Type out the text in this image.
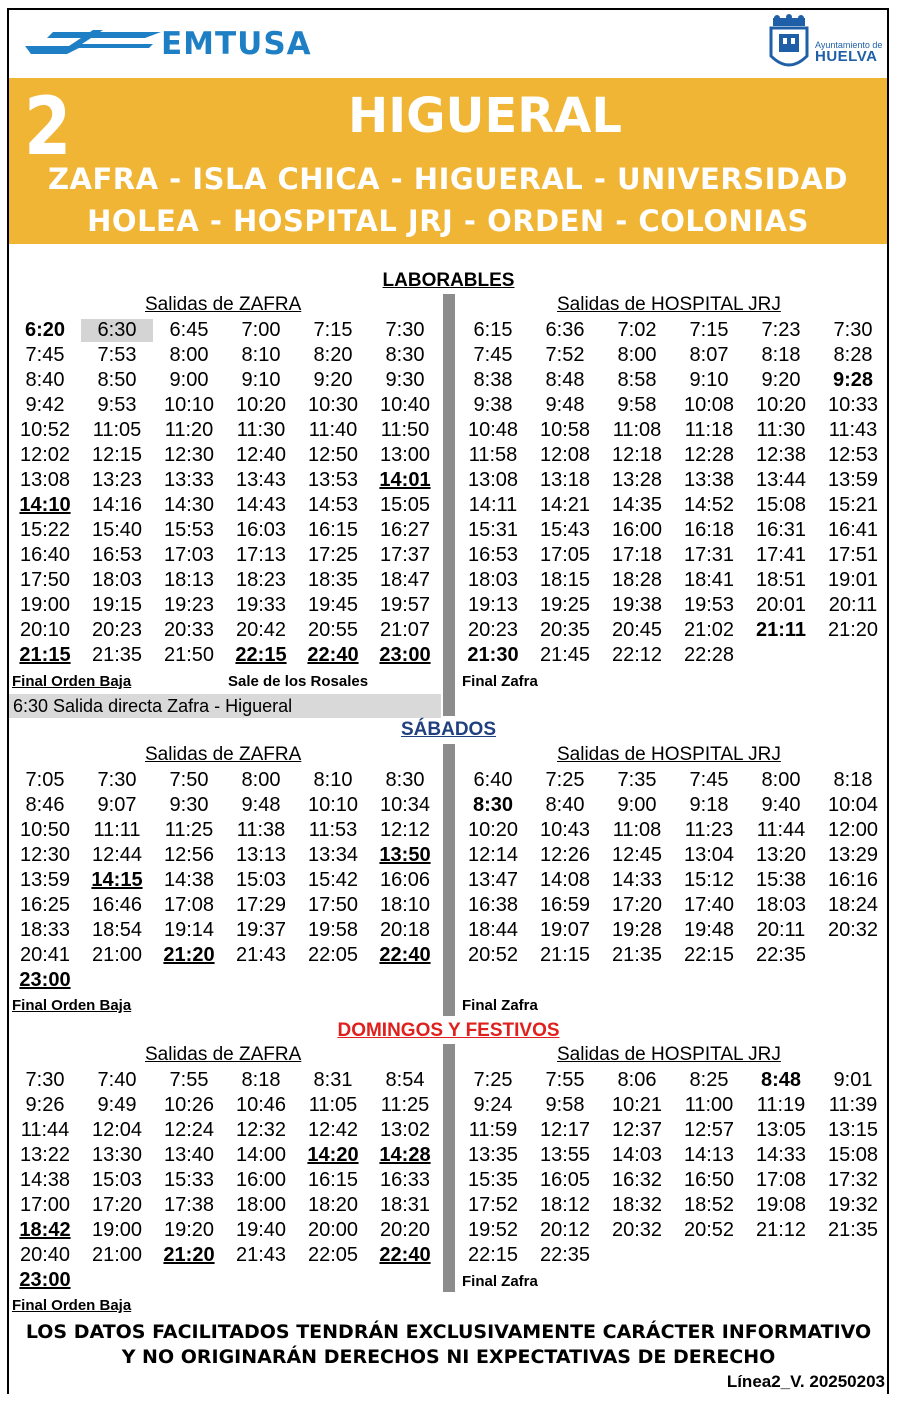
EMTUSA	Ayuntamiento de
HUELVA
2	HIGUERAL
ZAFRA - ISLA CHICA - HIGUERAL - UNIVERSIDAD
HOLEA - HOSPITAL JRJ - ORDEN - COLONIAS
LABORABLES
Salidas de ZAFRA	Salidas de HOSPITAL JRJ
6:20	6:30	6:45	7:00	7:15	7:30
7:45	7:53	8:00	8:10	8:20	8:30
8:40	8:50	9:00	9:10	9:20	9:30
9:42	9:53	10:10	10:20	10:30	10:40
10:52	11:05	11:20	11:30	11:40	11:50
12:02	12:15	12:30	12:40	12:50	13:00
13:08	13:23	13:33	13:43	13:53	14:01
14:10	14:16	14:30	14:43	14:53	15:05
15:22	15:40	15:53	16:03	16:15	16:27
16:40	16:53	17:03	17:13	17:25	17:37
17:50	18:03	18:13	18:23	18:35	18:47
19:00	19:15	19:23	19:33	19:45	19:57
20:10	20:23	20:33	20:42	20:55	21:07
21:15	21:35	21:50	22:15	22:40	23:00
6:15	6:36	7:02	7:15	7:23	7:30
7:45	7:52	8:00	8:07	8:18	8:28
8:38	8:48	8:58	9:10	9:20	9:28
9:38	9:48	9:58	10:08	10:20	10:33
10:48	10:58	11:08	11:18	11:30	11:43
11:58	12:08	12:18	12:28	12:38	12:53
13:08	13:18	13:28	13:38	13:44	13:59
14:11	14:21	14:35	14:52	15:08	15:21
15:31	15:43	16:00	16:18	16:31	16:41
16:53	17:05	17:18	17:31	17:41	17:51
18:03	18:15	18:28	18:41	18:51	19:01
19:13	19:25	19:38	19:53	20:01	20:11
20:23	20:35	20:45	21:02	21:11	21:20
21:30	21:45	22:12	22:28
Final Orden Baja	Sale de los Rosales	Final Zafra
6:30 Salida directa Zafra - Higueral
SÁBADOS
Salidas de ZAFRA	Salidas de HOSPITAL JRJ
7:05	7:30	7:50	8:00	8:10	8:30
8:46	9:07	9:30	9:48	10:10	10:34
10:50	11:11	11:25	11:38	11:53	12:12
12:30	12:44	12:56	13:13	13:34	13:50
13:59	14:15	14:38	15:03	15:42	16:06
16:25	16:46	17:08	17:29	17:50	18:10
18:33	18:54	19:14	19:37	19:58	20:18
20:41	21:00	21:20	21:43	22:05	22:40
23:00
6:40	7:25	7:35	7:45	8:00	8:18
8:30	8:40	9:00	9:18	9:40	10:04
10:20	10:43	11:08	11:23	11:44	12:00
12:14	12:26	12:45	13:04	13:20	13:29
13:47	14:08	14:33	15:12	15:38	16:16
16:38	16:59	17:20	17:40	18:03	18:24
18:44	19:07	19:28	19:48	20:11	20:32
20:52	21:15	21:35	22:15	22:35
Final Orden Baja	Final Zafra
DOMINGOS Y FESTIVOS
Salidas de ZAFRA	Salidas de HOSPITAL JRJ
7:30	7:40	7:55	8:18	8:31	8:54
9:26	9:49	10:26	10:46	11:05	11:25
11:44	12:04	12:24	12:32	12:42	13:02
13:22	13:30	13:40	14:00	14:20	14:28
14:38	15:03	15:33	16:00	16:15	16:33
17:00	17:20	17:38	18:00	18:20	18:31
18:42	19:00	19:20	19:40	20:00	20:20
20:40	21:00	21:20	21:43	22:05	22:40
23:00
7:25	7:55	8:06	8:25	8:48	9:01
9:24	9:58	10:21	11:00	11:19	11:39
11:59	12:17	12:37	12:57	13:05	13:15
13:35	13:55	14:03	14:13	14:33	15:08
15:35	16:05	16:32	16:50	17:08	17:32
17:52	18:12	18:32	18:52	19:08	19:32
19:52	20:12	20:32	20:52	21:12	21:35
22:15	22:35
Final Orden Baja
Final Zafra
LOS DATOS FACILITADOS TENDRÁN EXCLUSIVAMENTE CARÁCTER INFORMATIVO
Y NO ORIGINARÁN DERECHOS NI EXPECTATIVAS DE DERECHO
Línea2_V. 20250203
